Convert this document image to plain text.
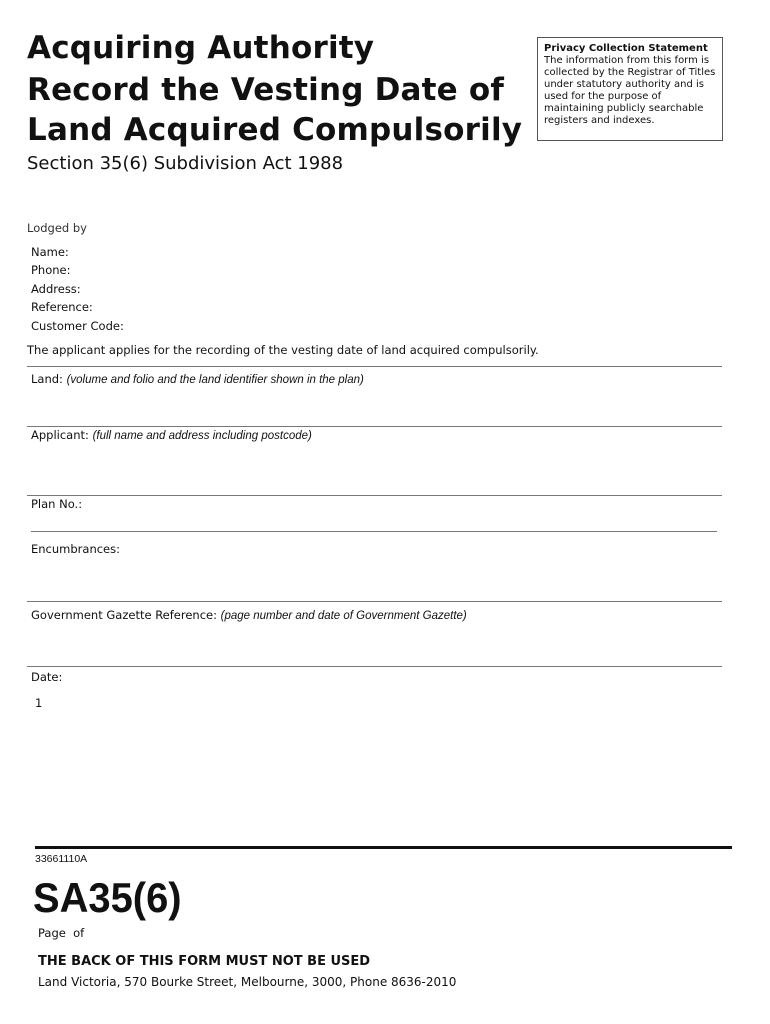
Acquiring Authority
Record the Vesting Date of
Land Acquired Compulsorily
Privacy Collection Statement
The information from this form is collected by the Registrar of Titles under statutory authority and is used for the purpose of maintaining publicly searchable registers and indexes.
Section 35(6) Subdivision Act 1988
Lodged by
Name:
Phone:
Address:
Reference:
Customer Code:
The applicant applies for the recording of the vesting date of land acquired compulsorily.
Land: (volume and folio and the land identifier shown in the plan)
Applicant: (full name and address including postcode)
Plan No.:
Encumbrances:
Government Gazette Reference: (page number and date of Government Gazette)
Date:
1
33661110A
SA35(6)
Page  of
THE BACK OF THIS FORM MUST NOT BE USED
Land Victoria, 570 Bourke Street, Melbourne, 3000, Phone 8636-2010
